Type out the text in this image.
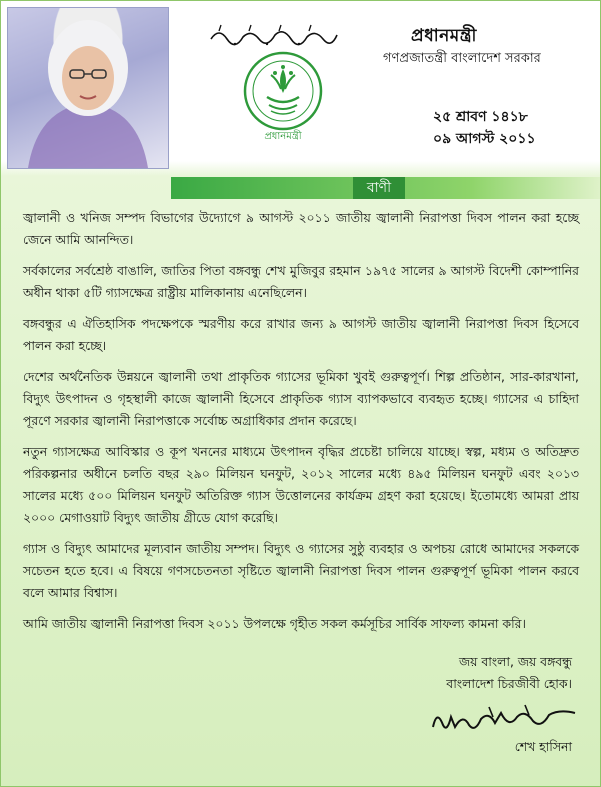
প্রধানমন্ত্রী
প্রধানমন্ত্রী
গণপ্রজাতন্ত্রী বাংলাদেশ সরকার
২৫ শ্রাবণ ১৪১৮
০৯ আগস্ট ২০১১
বাণী

জ্বালানী ও খনিজ সম্পদ বিভাগের উদ্যোগে ৯ আগস্ট ২০১১ জাতীয় জ্বালানী নিরাপত্তা দিবস পালন করা হচ্ছে জেনে আমি আনন্দিত।

সর্বকালের সর্বশ্রেষ্ঠ বাঙালি, জাতির পিতা বঙ্গবন্ধু শেখ মুজিবুর রহমান ১৯৭৫ সালের ৯ আগস্ট বিদেশী কোম্পানির অধীন থাকা ৫টি গ্যাসক্ষেত্র রাষ্ট্রীয় মালিকানায় এনেছিলেন।

বঙ্গবন্ধুর এ ঐতিহাসিক পদক্ষেপকে স্মরণীয় করে রাখার জন্য ৯ আগস্ট জাতীয় জ্বালানী নিরাপত্তা দিবস হিসেবে পালন করা হচ্ছে।

দেশের অর্থনৈতিক উন্নয়নে জ্বালানী তথা প্রাকৃতিক গ্যাসের ভূমিকা খুবই গুরুত্বপূর্ণ। শিল্প প্রতিষ্ঠান, সার-কারখানা, বিদ্যুৎ উৎপাদন ও গৃহস্থালী কাজে জ্বালানী হিসেবে প্রাকৃতিক গ্যাস ব্যাপকভাবে ব্যবহৃত হচ্ছে। গ্যাসের এ চাহিদা পূরণে সরকার জ্বালানী নিরাপত্তাকে সর্বোচ্চ অগ্রাধিকার প্রদান করেছে।

নতুন গ্যাসক্ষেত্র আবিস্কার ও কূপ খননের মাধ্যমে উৎপাদন বৃদ্ধির প্রচেষ্টা চালিয়ে যাচ্ছে। স্বল্প, মধ্যম ও অতিদ্রুত পরিকল্পনার অধীনে চলতি বছর ২৯০ মিলিয়ন ঘনফুট, ২০১২ সালের মধ্যে ৪৯৫ মিলিয়ন ঘনফুট এবং ২০১৩ সালের মধ্যে ৫০০ মিলিয়ন ঘনফুট অতিরিক্ত গ্যাস উত্তোলনের কার্যক্রম গ্রহণ করা হয়েছে। ইতোমধ্যে আমরা প্রায় ২০০০ মেগাওয়াট বিদ্যুৎ জাতীয় গ্রীডে যোগ করেছি।

গ্যাস ও বিদ্যুৎ আমাদের মূল্যবান জাতীয় সম্পদ। বিদ্যুৎ ও গ্যাসের সুষ্ঠু ব্যবহার ও অপচয় রোধে আমাদের সকলকে সচেতন হতে হবে। এ বিষয়ে গণসচেতনতা সৃষ্টিতে জ্বালানী নিরাপত্তা দিবস পালন গুরুত্বপূর্ণ ভূমিকা পালন করবে বলে আমার বিশ্বাস।

আমি জাতীয় জ্বালানী নিরাপত্তা দিবস ২০১১ উপলক্ষে গৃহীত সকল কর্মসূচির সার্বিক সাফল্য কামনা করি।

জয় বাংলা, জয় বঙ্গবন্ধু
বাংলাদেশ চিরজীবী হোক।
শেখ হাসিনা
